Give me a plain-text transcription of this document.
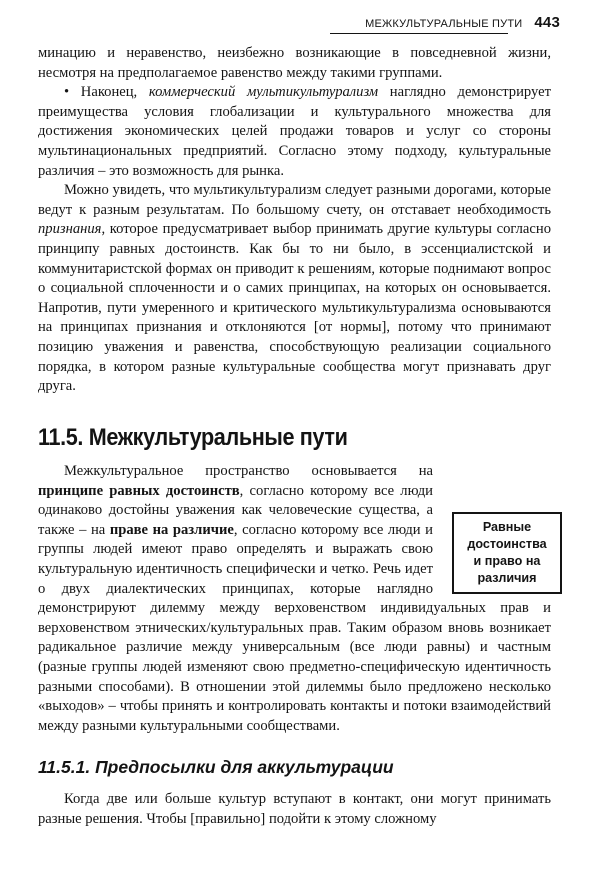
МЕЖКУЛЬТУРАЛЬНЫЕ ПУТИ 443

минацию и неравенство, неизбежно возникающие в повседневной жизни, несмотря на предполагаемое равенство между такими группами.

• Наконец, коммерческий мультикультурализм наглядно демонстрирует преимущества условия глобализации и культурального множества для достижения экономических целей продажи товаров и услуг со стороны мультинациональных предприятий. Согласно этому подходу, культуральные различия – это возможность для рынка.

Можно увидеть, что мультикультурализм следует разными дорогами, которые ведут к разным результатам. По большому счету, он отставает необходимость признания, которое предусматривает выбор принимать другие культуры согласно принципу равных достоинств. Как бы то ни было, в эссенциалистской и коммунитаристской формах он приводит к решениям, которые поднимают вопрос о социальной сплоченности и о самих принципах, на которых он основывается. Напротив, пути умеренного и критического мультикультурализма основываются на принципах признания и отклоняются [от нормы], потому что принимают позицию уважения и равенства, способствующую реализации социального порядка, в котором разные культуральные сообщества могут признавать друг друга.

11.5. Межкультуральные пути

Межкультуральное пространство основывается на принципе равных достоинств, согласно которому все люди одинаково достойны уважения как человеческие существа, а также – на праве на различие, согласно которому все люди и группы людей имеют право определять и выражать свою культуральную идентичность специфически и четко. Речь идет о двух диалектических принципах, которые наглядно демонстрируют дилемму между верховенством индивидуальных прав и верховенством этнических/культуральных прав. Таким образом вновь возникает радикальное различие между универсальным (все люди равны) и частным (разные группы людей изменяют свою предметно-специфическую идентичность разными способами). В отношении этой дилеммы было предложено несколько «выходов» – чтобы принять и контролировать контакты и потоки взаимодействий между разными культуральными сообществами.

Равные
достоинства
и право на
различия
11.5.1. Предпосылки для аккультурации

Когда две или больше культур вступают в контакт, они могут принимать разные решения. Чтобы [правильно] подойти к этому сложному
